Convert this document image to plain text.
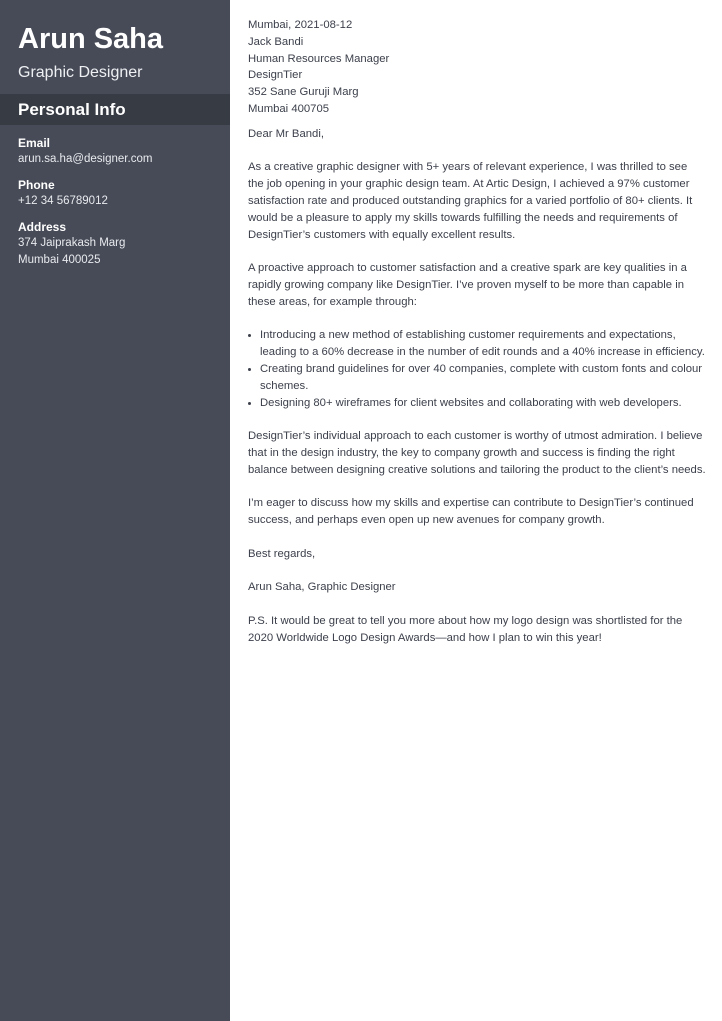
Arun Saha
Graphic Designer
Personal Info
Email
arun.sa.ha@designer.com
Phone
+12 34 56789012
Address
374 Jaiprakash Marg
Mumbai 400025

Mumbai, 2021-08-12

Jack Bandi

Human Resources Manager

DesignTier

352 Sane Guruji Marg

Mumbai 400705

Dear Mr Bandi,

As a creative graphic designer with 5+ years of relevant experience, I was thrilled to see the job opening in your graphic design team. At Artic Design, I achieved a 97% customer satisfaction rate and produced outstanding graphics for a varied portfolio of 80+ clients. It would be a pleasure to apply my skills towards fulfilling the needs and requirements of DesignTier’s customers with equally excellent results.

A proactive approach to customer satisfaction and a creative spark are key qualities in a rapidly growing company like DesignTier. I’ve proven myself to be more than capable in these areas, for example through:

• Introducing a new method of establishing customer requirements and expectations, leading to a 60% decrease in the number of edit rounds and a 40% increase in efficiency.
• Creating brand guidelines for over 40 companies, complete with custom fonts and colour schemes.
• Designing 80+ wireframes for client websites and collaborating with web developers.

DesignTier’s individual approach to each customer is worthy of utmost admiration. I believe that in the design industry, the key to company growth and success is finding the right balance between designing creative solutions and tailoring the product to the client’s needs.

I’m eager to discuss how my skills and expertise can contribute to DesignTier’s continued success, and perhaps even open up new avenues for company growth.

Best regards,

Arun Saha, Graphic Designer

P.S. It would be great to tell you more about how my logo design was shortlisted for the 2020 Worldwide Logo Design Awards—and how I plan to win this year!
